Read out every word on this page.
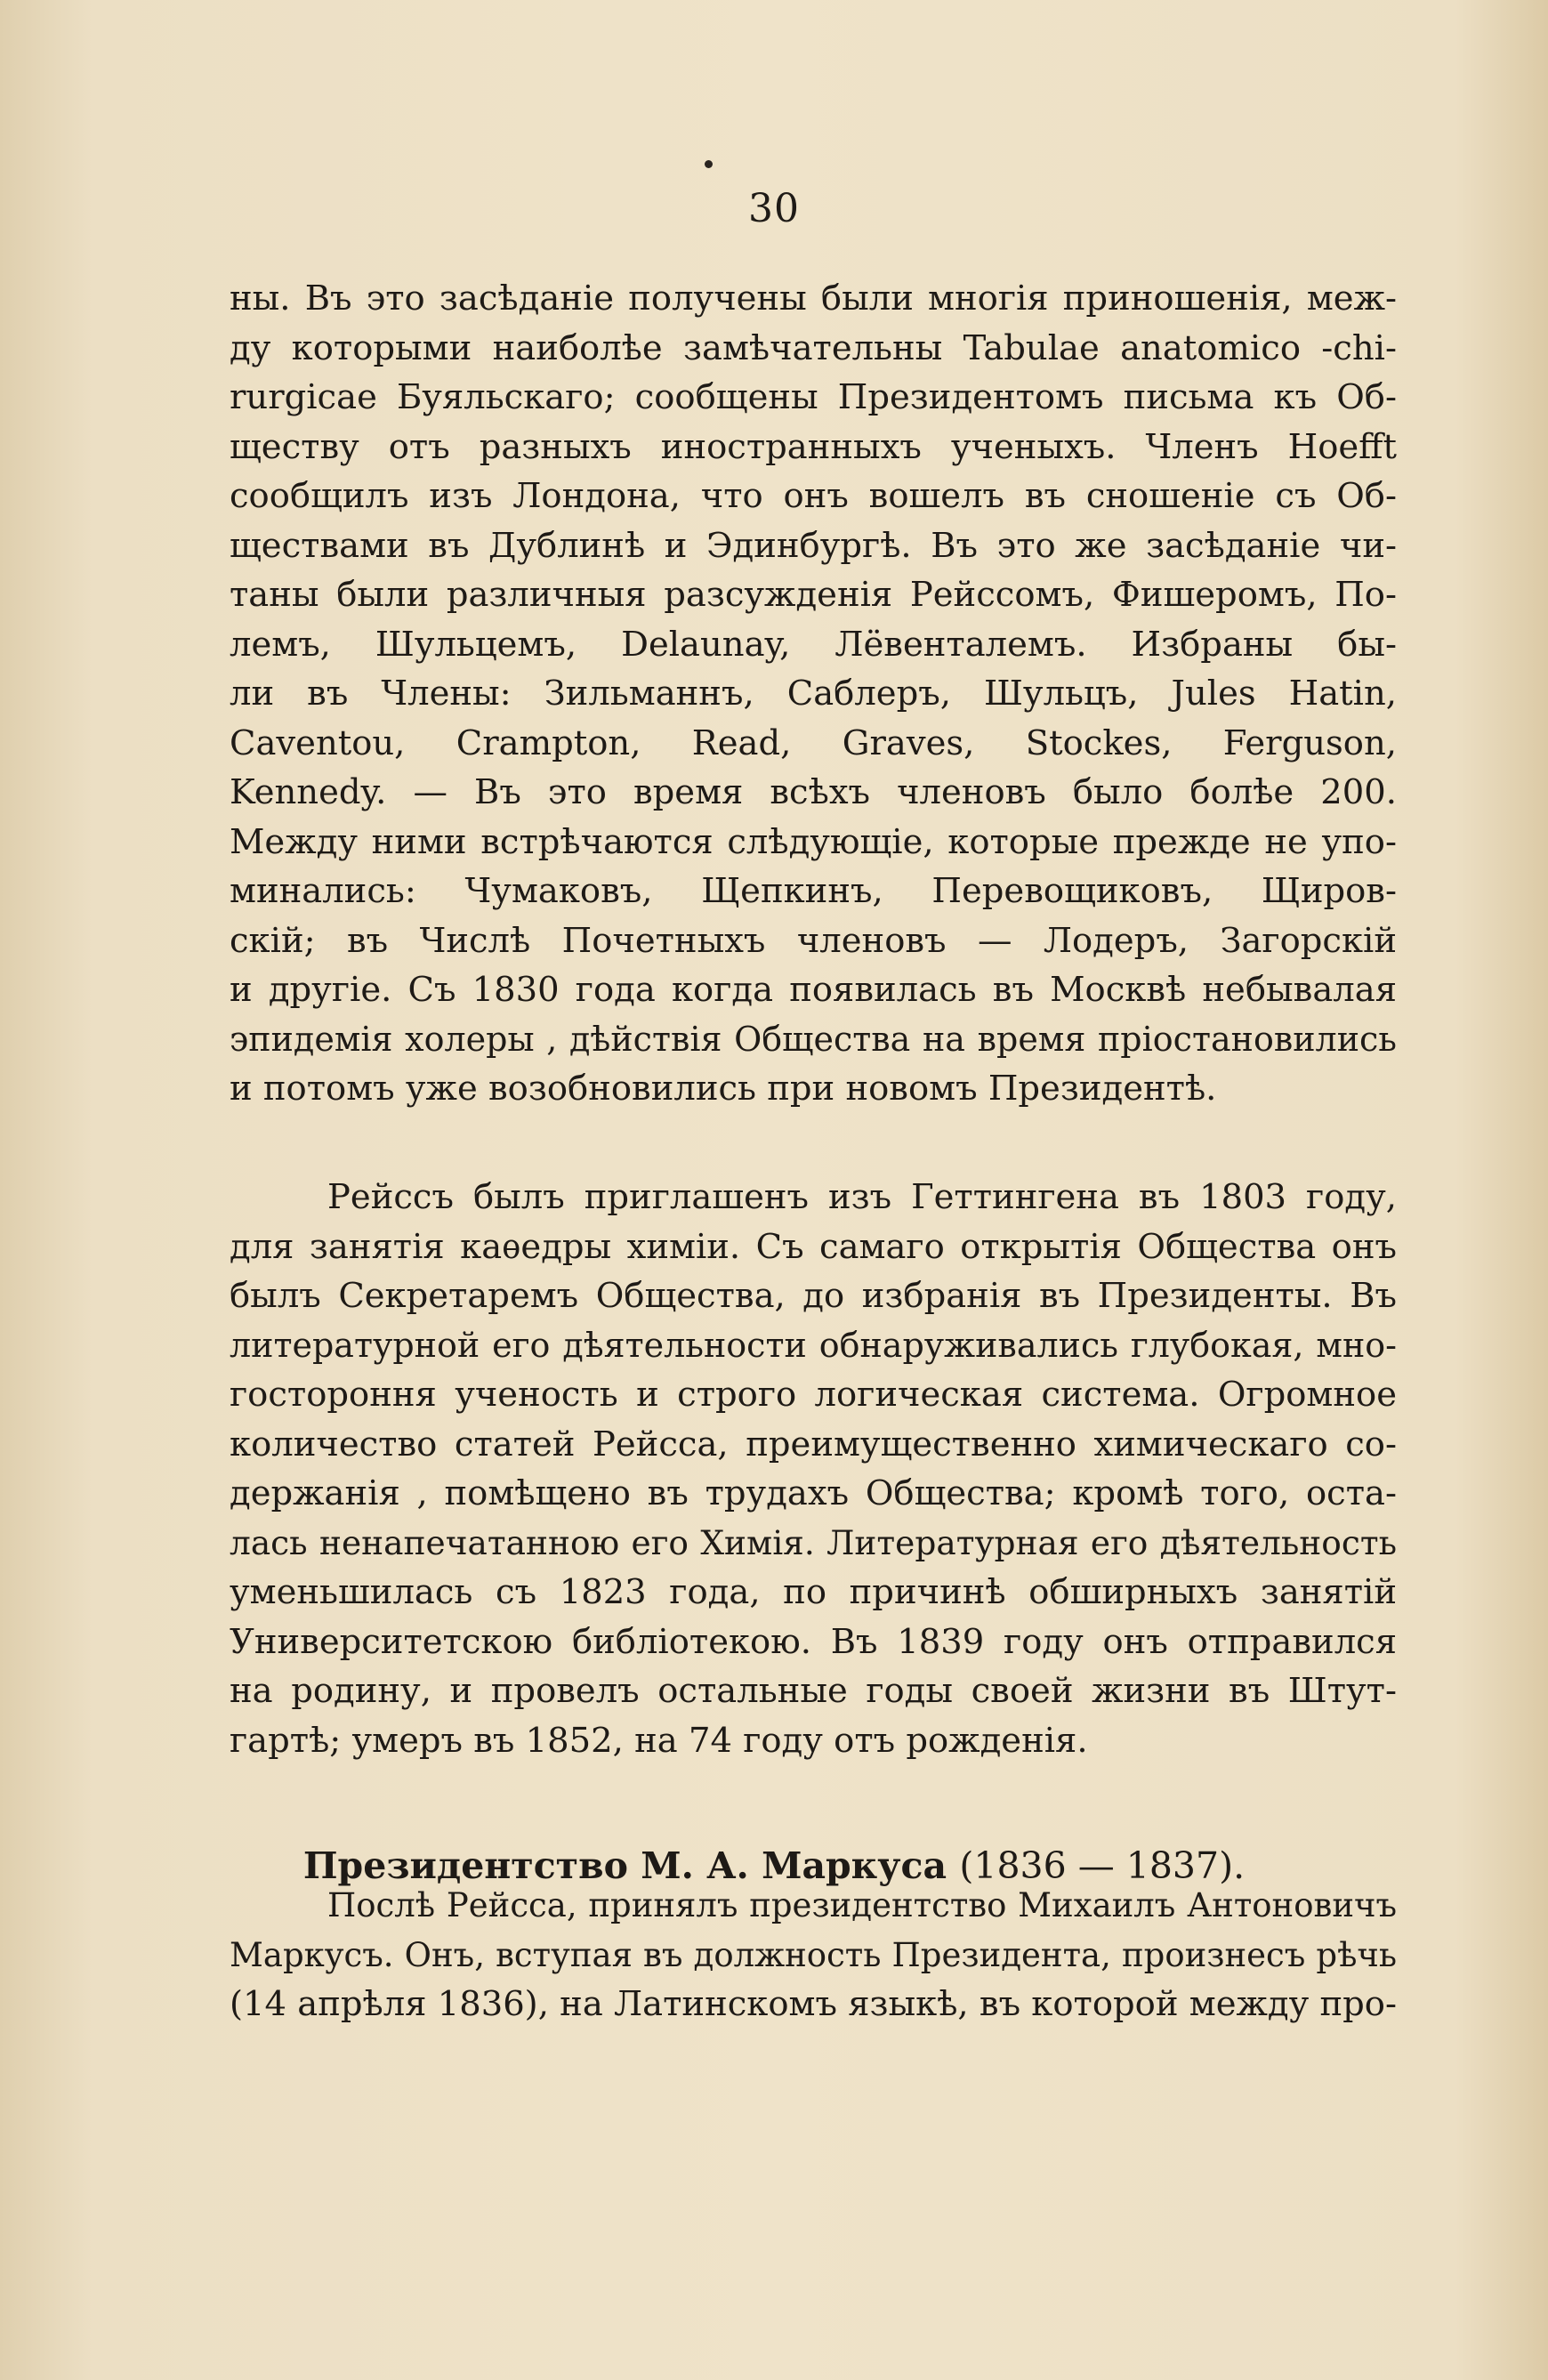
30
ны. Въ это засѣданіе получены были многія приношенія, меж-
ду которыми наиболѣе замѣчательны Tabulae anatomico -chi-
rurgicae Буяльскаго; сообщены Президентомъ письма къ Об-
ществу отъ разныхъ иностранныхъ ученыхъ. Членъ Hoefft
сообщилъ изъ Лондона, что онъ вошелъ въ сношеніе съ Об-
ществами въ Дублинѣ и Эдинбургѣ. Въ это же засѣданіе чи-
таны были различныя разсужденія Рейссомъ, Фишеромъ, По-
лемъ, Шульцемъ, Delaunay, Лёвенталемъ. Избраны бы-
ли въ Члены: Зильманнъ, Саблеръ, Шульцъ, Jules Hatin,
Caventou, Crampton, Read, Graves, Stockes, Ferguson,
Kennedy. — Въ это время всѣхъ членовъ было болѣе 200.
Между ними встрѣчаются слѣдующіе, которые прежде не упо-
минались: Чумаковъ, Щепкинъ, Перевощиковъ, Щиров-
скій; въ Числѣ Почетныхъ членовъ — Лодеръ, Загорскій
и другіе. Съ 1830 года когда появилась въ Москвѣ небывалая
эпидемія холеры , дѣйствія Общества на время пріостановились
и потомъ уже возобновились при новомъ Президентѣ.
Рейссъ былъ приглашенъ изъ Геттингена въ 1803 году,
для занятія каѳедры химіи. Съ самаго открытія Общества онъ
былъ Секретаремъ Общества, до избранія въ Президенты. Въ
литературной его дѣятельности обнаруживались глубокая, мно-
гостороння ученость и строго логическая система. Огромное
количество статей Рейсса, преимущественно химическаго со-
держанія , помѣщено въ трудахъ Общества; кромѣ того, оста-
лась ненапечатанною его Химія. Литературная его дѣятельность
уменьшилась съ 1823 года, по причинѣ обширныхъ занятій
Университетскою библіотекою. Въ 1839 году онъ отправился
на родину, и провелъ остальные годы своей жизни въ Штут-
гартѣ; умеръ въ 1852, на 74 году отъ рожденія.
Президентство М. А. Маркуса (1836 — 1837).
Послѣ Рейсса, принялъ президентство Михаилъ Антоновичъ
Маркусъ. Онъ, вступая въ должность Президента, произнесъ рѣчь
(14 апрѣля 1836), на Латинскомъ языкѣ, въ которой между про-
